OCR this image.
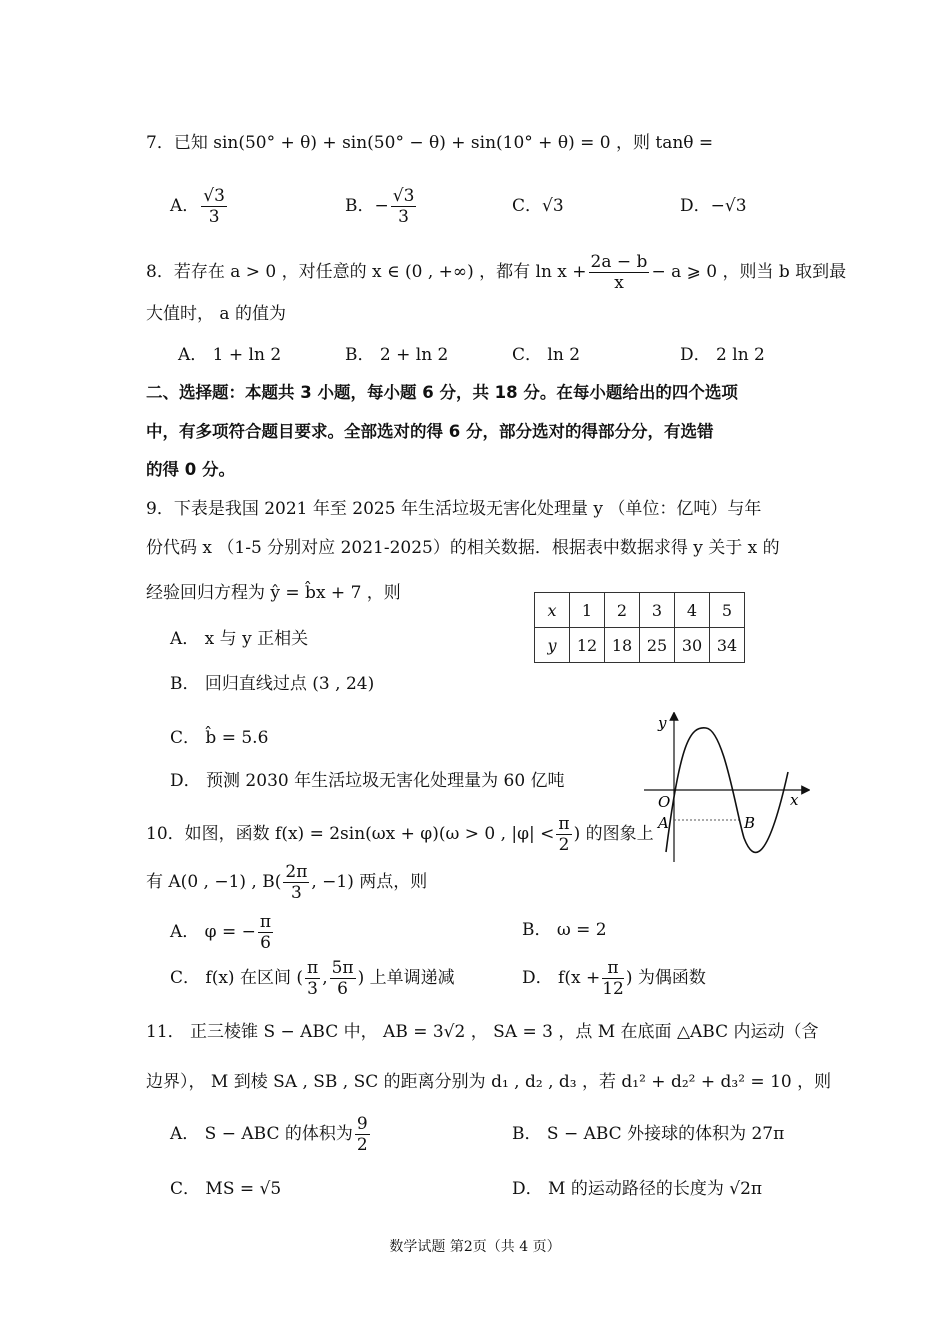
7．已知 sin(50° + θ) + sin(50° − θ) + sin(10° + θ) = 0 ，则 tanθ =
A． $\frac{√3}{3}$	B．− $\frac{√3}{3}$	C．√3	D．−√3
8．若存在 a > 0 ，对任意的 x ∈ (0 , +∞) ，都有 $\ln x + \frac{2a - b}{x} - a$ ⩾ 0 ，则当 b 取到最
大值时， a 的值为
A． 1 + ln 2	B． 2 + ln 2	C． ln 2	D． 2 ln 2
二、选择题：本题共 3 小题，每小题 6 分，共 18 分。在每小题给出的四个选项
中，有多项符合题目要求。全部选对的得 6 分，部分选对的得部分分，有选错
的得 0 分。
9．下表是我国 2021 年至 2025 年生活垃圾无害化处理量 y （单位：亿吨）与年
份代码 x （1-5 分别对应 2021-2025）的相关数据．根据表中数据求得 y 关于 x 的
经验回归方程为 ŷ = b̂x + 7 ，则
A． x 与 y 正相关
B． 回归直线过点 (3 , 24)
C． b̂ = 5.6
D． 预测 2030 年生活垃圾无害化处理量为 60 亿吨
x	1	2	3	4	5
y	12	18	25	30	34
y
x
O
A	B
10．如图，函数 f(x) = 2sin(ωx + φ)(ω > 0 , $|\varphi| < \frac{\pi}{2}$ ) 的图象上
有 A(0 , −1) , $B( \frac{2\pi}{3}$ , −1) 两点，则
A． φ = − $\frac{\pi}{6}$	B． ω = 2
C． f(x) 在区间 ( $\frac{\pi}{3}$ , $\frac{5\pi}{6}$ ) 上单调递减	D． $f(x + \frac{\pi}{12}$ ) 为偶函数
11． 正三棱锥 S − ABC 中， AB = 3√2 ， SA = 3 ，点 M 在底面 △ABC 内运动（含
边界）， M 到棱 SA , SB , SC 的距离分别为 d₁ , d₂ , d₃ ，若 d₁² + d₂² + d₃² = 10 ，则
A． S − ABC 的体积为 $\frac{9}{2}$	B． S − ABC 外接球的体积为 27π
C． MS = √5	D． M 的运动路径的长度为 √2π
数学试题 第2页（共 4 页）
